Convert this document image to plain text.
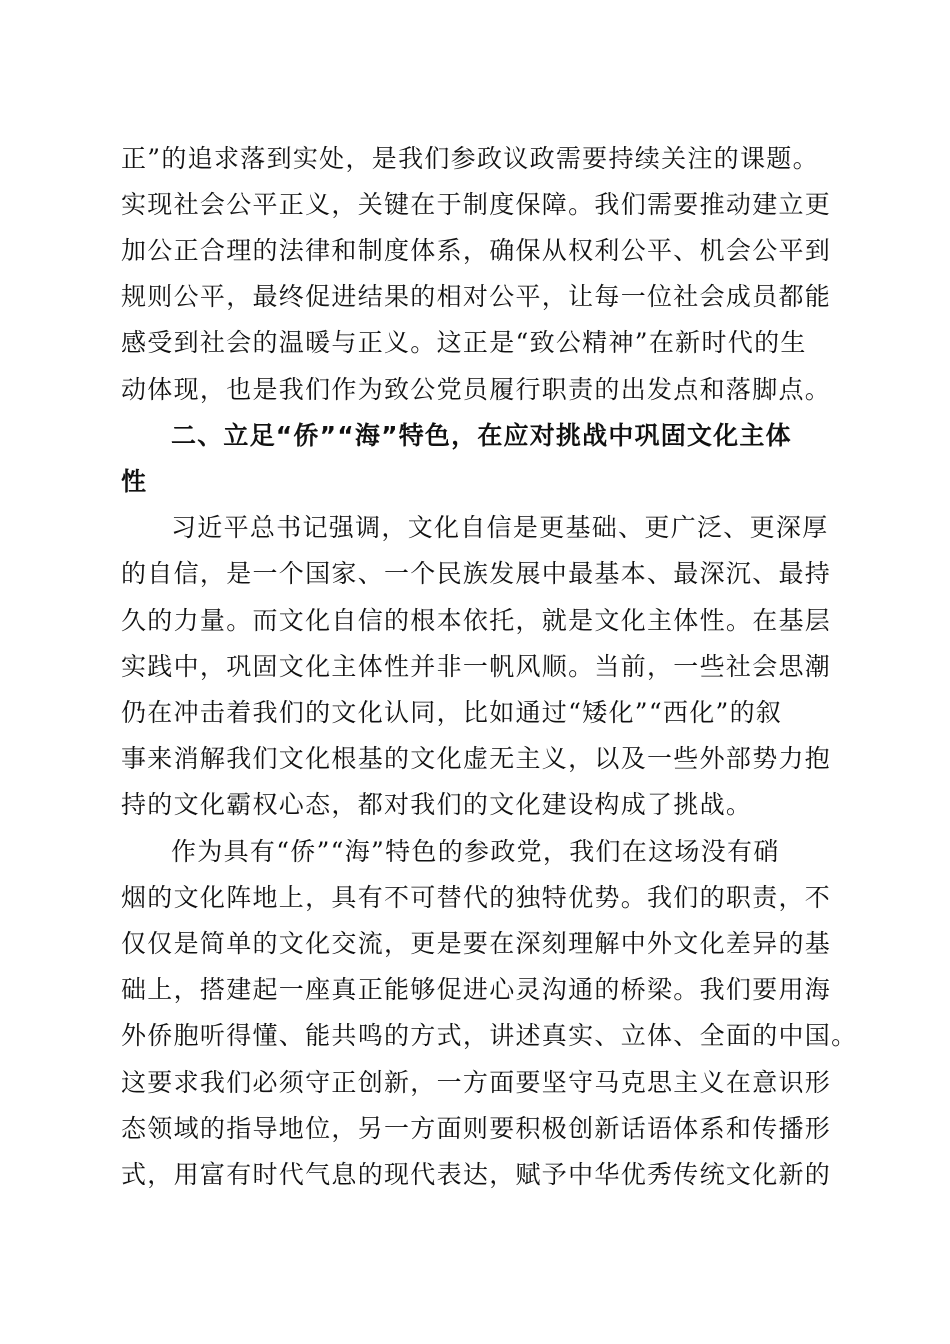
正”的追求落到实处，是我们参政议政需要持续关注的课题。
实现社会公平正义，关键在于制度保障。我们需要推动建立更
加公正合理的法律和制度体系，确保从权利公平、机会公平到
规则公平，最终促进结果的相对公平，让每一位社会成员都能
感受到社会的温暖与正义。这正是“致公精神”在新时代的生
动体现，也是我们作为致公党员履行职责的出发点和落脚点。
二、立足“侨”“海”特色，在应对挑战中巩固文化主体
性
习近平总书记强调，文化自信是更基础、更广泛、更深厚
的自信，是一个国家、一个民族发展中最基本、最深沉、最持
久的力量。而文化自信的根本依托，就是文化主体性。在基层
实践中，巩固文化主体性并非一帆风顺。当前，一些社会思潮
仍在冲击着我们的文化认同，比如通过“矮化”“西化”的叙
事来消解我们文化根基的文化虚无主义，以及一些外部势力抱
持的文化霸权心态，都对我们的文化建设构成了挑战。
作为具有“侨”“海”特色的参政党，我们在这场没有硝
烟的文化阵地上，具有不可替代的独特优势。我们的职责，不
仅仅是简单的文化交流，更是要在深刻理解中外文化差异的基
础上，搭建起一座真正能够促进心灵沟通的桥梁。我们要用海
外侨胞听得懂、能共鸣的方式，讲述真实、立体、全面的中国。
这要求我们必须守正创新，一方面要坚守马克思主义在意识形
态领域的指导地位，另一方面则要积极创新话语体系和传播形
式，用富有时代气息的现代表达，赋予中华优秀传统文化新的
